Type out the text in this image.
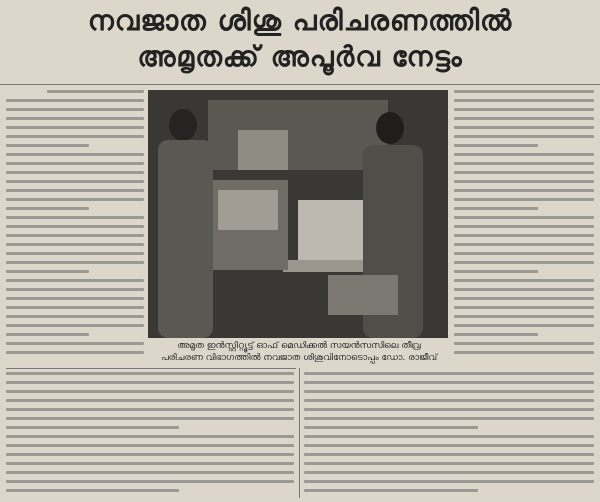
നവജാത ശിശു പരിചരണത്തിൽ
അമൃതക്ക് അപൂർവ നേട്ടം
അമൃത ഇൻസ്റ്റിറ്റ്യൂട്ട് ഓഫ് മെഡിക്കൽ സയൻസസിലെ തീവ്ര
പരിചരണ വിഭാഗത്തിൽ നവജാത ശിശുവിനോടൊപ്പം ഡോ. രാജീവ്
